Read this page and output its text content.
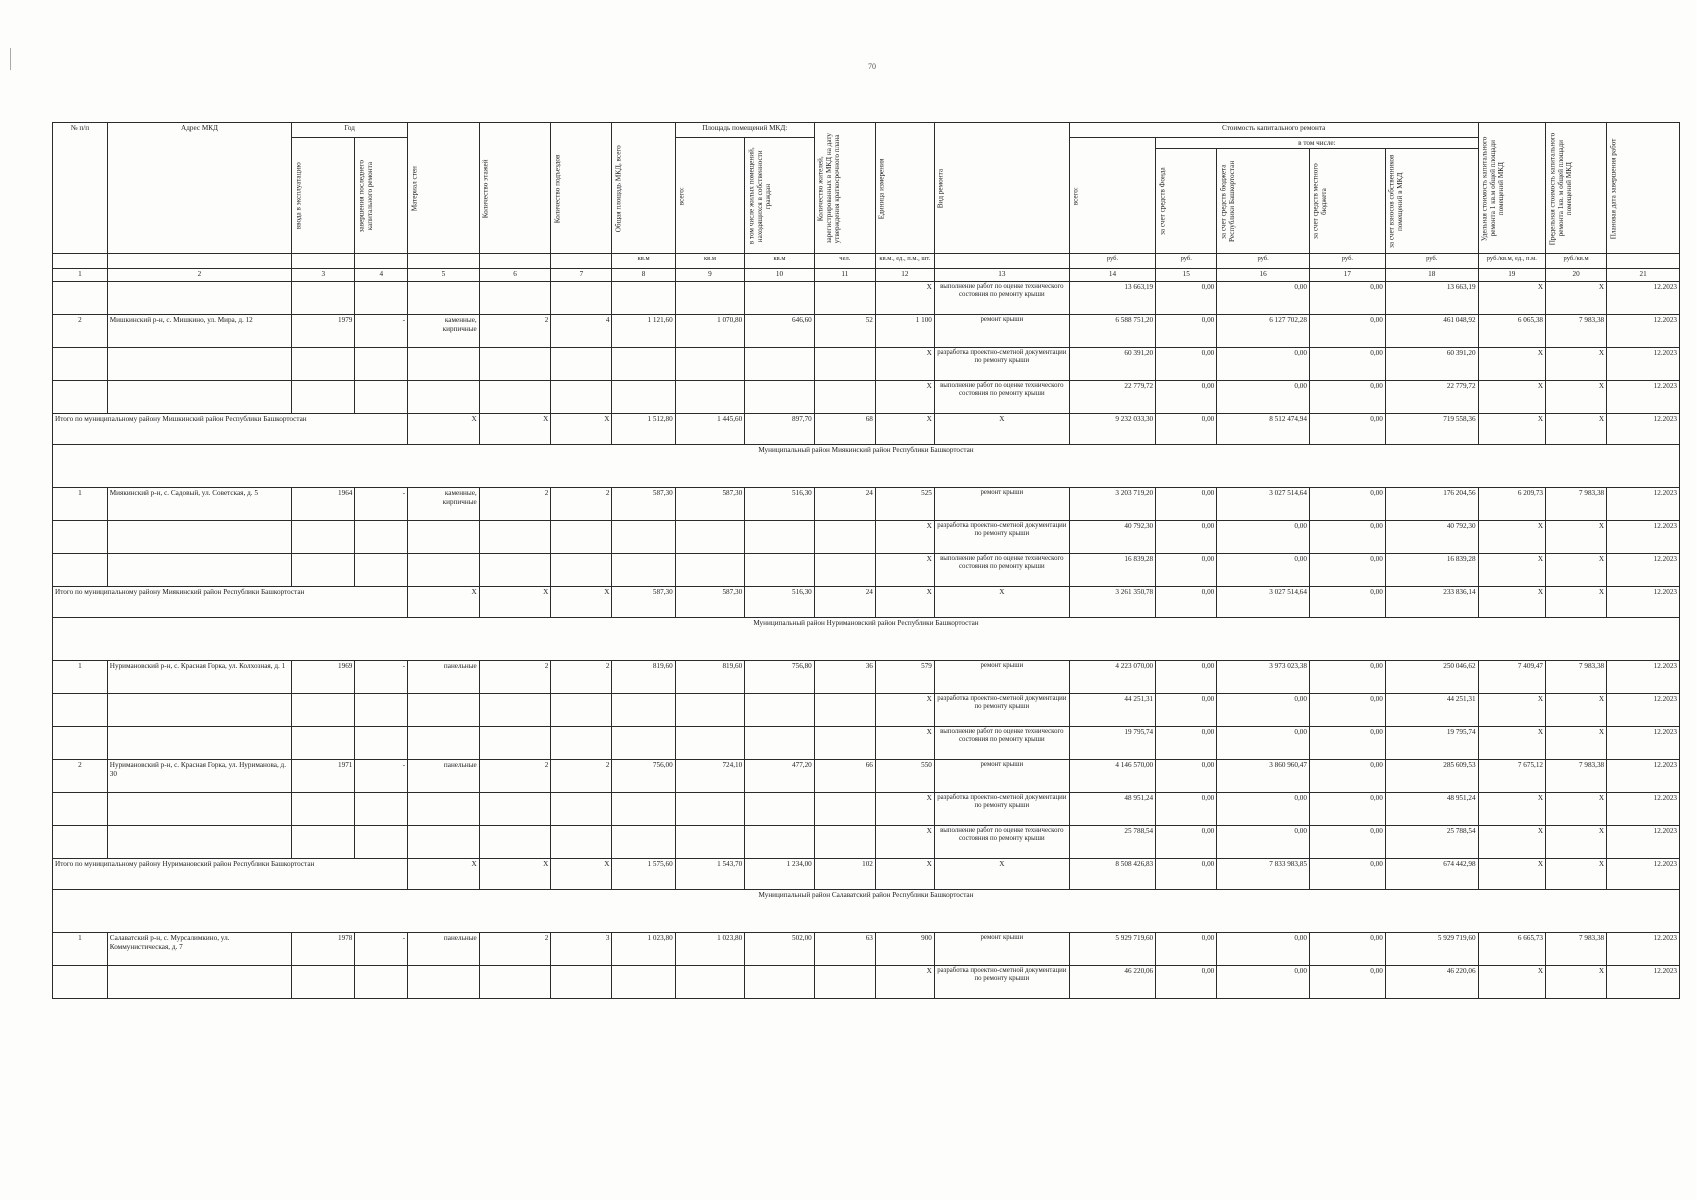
70
№ п/п	Адрес МКД	Год		Материал стен	Количество этажей	Количество подъездов	Общая площадь МКД, всего	Площадь помещений МКД:		Количество жителей, зарегистрированных в МКД на дату утверждения краткосрочного плана	Единица измерения	Вид ремонта	Стоимость капитального ремонта					Удельная стоимость капитального ремонта 1 кв.м общей площади помещений МКД	Предельная стоимость капитального ремонта 1кв. м общей площади помещений МКД	Плановая дата завершения работ
		ввода в эксплуатацию	завершения последнего капитального ремонта					всего:	в том числе жилых помещений, находящихся в собственности граждан				всего:	в том числе:						
														за счет средств Фонда	за счет средств бюджета Республики Башкортостан	за счет средств местного бюджета	за счет взносов собственников помещений в МКД			
							кв.м	кв.м	кв.м	чел.	кв.м., ед., п.м., шт.		руб.	руб.	руб.	руб.	руб.	руб./кв.м, ед., п.м.	руб./кв.м	
1	2	3	4	5	6	7	8	9	10	11	12	13	14	15	16	17	18	19	20	21
											X	выполнение работ по оценке технического состояния по ремонту крыши	13 663,19	0,00	0,00	0,00	13 663,19	X	X	12.2023
2	Мишкинский р-н, с. Мишкино, ул. Мира, д. 12	1979	-	каменные, кирпичные	2	4	1 121,60	1 070,80	646,60	52	1 100	ремонт крыши	6 588 751,20	0,00	6 127 702,28	0,00	461 048,92	6 065,38	7 983,38	12.2023
											X	разработка проектно-сметной документации по ремонту крыши	60 391,20	0,00	0,00	0,00	60 391,20	X	X	12.2023
											X	выполнение работ по оценке технического состояния по ремонту крыши	22 779,72	0,00	0,00	0,00	22 779,72	X	X	12.2023
Итого по муниципальному району Мишкинский район Республики Башкортостан				X	X	X	1 512,80	1 445,60	897,70	68	X	X	9 232 033,30	0,00	8 512 474,94	0,00	719 558,36	X	X	12.2023
Муниципальный район Миякинский район Республики Башкортостан																				
1	Миякинский р-н, с. Садовый, ул. Советская, д. 5	1964	-	каменные, кирпичные	2	2	587,30	587,30	516,30	24	525	ремонт крыши	3 203 719,20	0,00	3 027 514,64	0,00	176 204,56	6 209,73	7 983,38	12.2023
											X	разработка проектно-сметной документации по ремонту крыши	40 792,30	0,00	0,00	0,00	40 792,30	X	X	12.2023
											X	выполнение работ по оценке технического состояния по ремонту крыши	16 839,28	0,00	0,00	0,00	16 839,28	X	X	12.2023
Итого по муниципальному району Миякинский район Республики Башкортостан				X	X	X	587,30	587,30	516,30	24	X	X	3 261 350,78	0,00	3 027 514,64	0,00	233 836,14	X	X	12.2023
Муниципальный район Нуримановский район Республики Башкортостан																				
1	Нуримановский р-н, с. Красная Горка, ул. Колхозная, д. 1	1969	-	панельные	2	2	819,60	819,60	756,80	36	579	ремонт крыши	4 223 070,00	0,00	3 973 023,38	0,00	250 046,62	7 409,47	7 983,38	12.2023
											X	разработка проектно-сметной документации по ремонту крыши	44 251,31	0,00	0,00	0,00	44 251,31	X	X	12.2023
											X	выполнение работ по оценке технического состояния по ремонту крыши	19 795,74	0,00	0,00	0,00	19 795,74	X	X	12.2023
2	Нуримановский р-н, с. Красная Горка, ул. Нуриманова, д. 30	1971	-	панельные	2	2	756,00	724,10	477,20	66	550	ремонт крыши	4 146 570,00	0,00	3 860 960,47	0,00	285 609,53	7 675,12	7 983,38	12.2023
											X	разработка проектно-сметной документации по ремонту крыши	48 951,24	0,00	0,00	0,00	48 951,24	X	X	12.2023
											X	выполнение работ по оценке технического состояния по ремонту крыши	25 788,54	0,00	0,00	0,00	25 788,54	X	X	12.2023
Итого по муниципальному району Нуримановский район Республики Башкортостан				X	X	X	1 575,60	1 543,70	1 234,00	102	X	X	8 508 426,83	0,00	7 833 983,85	0,00	674 442,98	X	X	12.2023
Муниципальный район Салаватский район Республики Башкортостан																				
1	Салаватский р-н, с. Мурсалимкино, ул. Коммунистическая, д. 7	1978	-	панельные	2	3	1 023,80	1 023,80	502,00	63	900	ремонт крыши	5 929 719,60	0,00	0,00	0,00	5 929 719,60	6 665,73	7 983,38	12.2023
											X	разработка проектно-сметной документации по ремонту крыши	46 220,06	0,00	0,00	0,00	46 220,06	X	X	12.2023
